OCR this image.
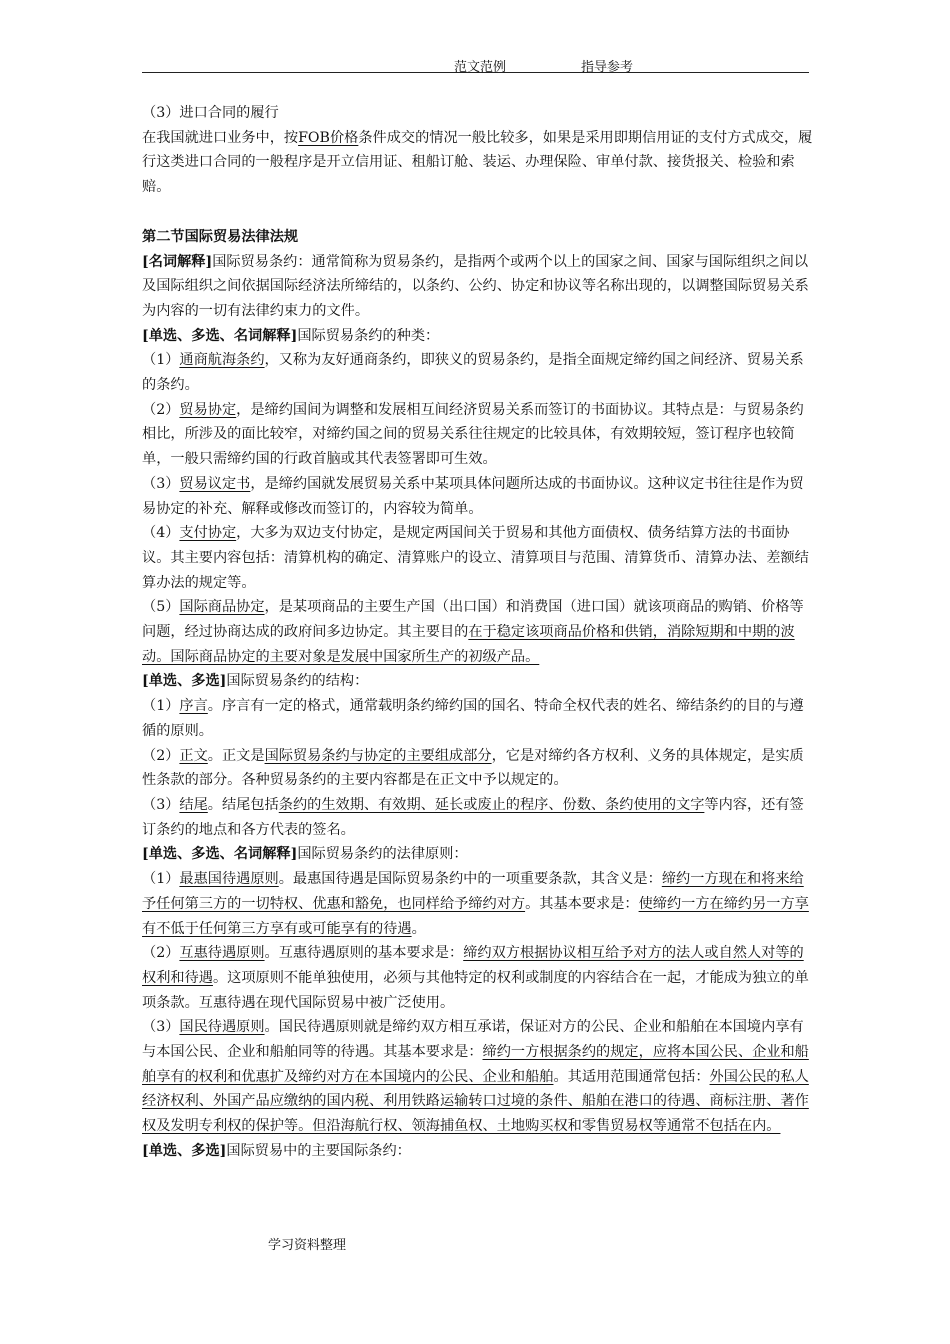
范文范例	指导参考

（3）进口合同的履行

在我国就进口业务中，按FOB价格条件成交的情况一般比较多，如果是采用即期信用证的支付方式成交，履行这类进口合同的一般程序是开立信用证、租船订舱、装运、办理保险、审单付款、接货报关、检验和索赔。

第二节国际贸易法律法规

[名词解释]国际贸易条约：通常简称为贸易条约，是指两个或两个以上的国家之间、国家与国际组织之间以及国际组织之间依据国际经济法所缔结的，以条约、公约、协定和协议等名称出现的，以调整国际贸易关系为内容的一切有法律约束力的文件。

[单选、多选、名词解释]国际贸易条约的种类：

（1）通商航海条约，又称为友好通商条约，即狭义的贸易条约，是指全面规定缔约国之间经济、贸易关系的条约。

（2）贸易协定，是缔约国间为调整和发展相互间经济贸易关系而签订的书面协议。其特点是：与贸易条约相比，所涉及的面比较窄，对缔约国之间的贸易关系往往规定的比较具体，有效期较短，签订程序也较简单，一般只需缔约国的行政首脑或其代表签署即可生效。

（3）贸易议定书，是缔约国就发展贸易关系中某项具体问题所达成的书面协议。这种议定书往往是作为贸易协定的补充、解释或修改而签订的，内容较为简单。

（4）支付协定，大多为双边支付协定，是规定两国间关于贸易和其他方面债权、债务结算方法的书面协议。其主要内容包括：清算机构的确定、清算账户的设立、清算项目与范围、清算货币、清算办法、差额结算办法的规定等。

（5）国际商品协定，是某项商品的主要生产国（出口国）和消费国（进口国）就该项商品的购销、价格等问题，经过协商达成的政府间多边协定。其主要目的在于稳定该项商品价格和供销，消除短期和中期的波动。国际商品协定的主要对象是发展中国家所生产的初级产品。

[单选、多选]国际贸易条约的结构：

（1）序言。序言有一定的格式，通常载明条约缔约国的国名、特命全权代表的姓名、缔结条约的目的与遵循的原则。

（2）正文。正文是国际贸易条约与协定的主要组成部分，它是对缔约各方权利、义务的具体规定，是实质性条款的部分。各种贸易条约的主要内容都是在正文中予以规定的。

（3）结尾。结尾包括条约的生效期、有效期、延长或废止的程序、份数、条约使用的文字等内容，还有签订条约的地点和各方代表的签名。

[单选、多选、名词解释]国际贸易条约的法律原则：

（1）最惠国待遇原则。最惠国待遇是国际贸易条约中的一项重要条款，其含义是：缔约一方现在和将来给予任何第三方的一切特权、优惠和豁免，也同样给予缔约对方。其基本要求是：使缔约一方在缔约另一方享有不低于任何第三方享有或可能享有的待遇。

（2）互惠待遇原则。互惠待遇原则的基本要求是：缔约双方根据协议相互给予对方的法人或自然人对等的权利和待遇。这项原则不能单独使用，必须与其他特定的权利或制度的内容结合在一起，才能成为独立的单项条款。互惠待遇在现代国际贸易中被广泛使用。

（3）国民待遇原则。国民待遇原则就是缔约双方相互承诺，保证对方的公民、企业和船舶在本国境内享有与本国公民、企业和船舶同等的待遇。其基本要求是：缔约一方根据条约的规定，应将本国公民、企业和船舶享有的权利和优惠扩及缔约对方在本国境内的公民、企业和船舶。其适用范围通常包括：外国公民的私人经济权利、外国产品应缴纳的国内税、利用铁路运输转口过境的条件、船舶在港口的待遇、商标注册、著作权及发明专利权的保护等。但沿海航行权、领海捕鱼权、土地购买权和零售贸易权等通常不包括在内。

[单选、多选]国际贸易中的主要国际条约：

学习资料整理
